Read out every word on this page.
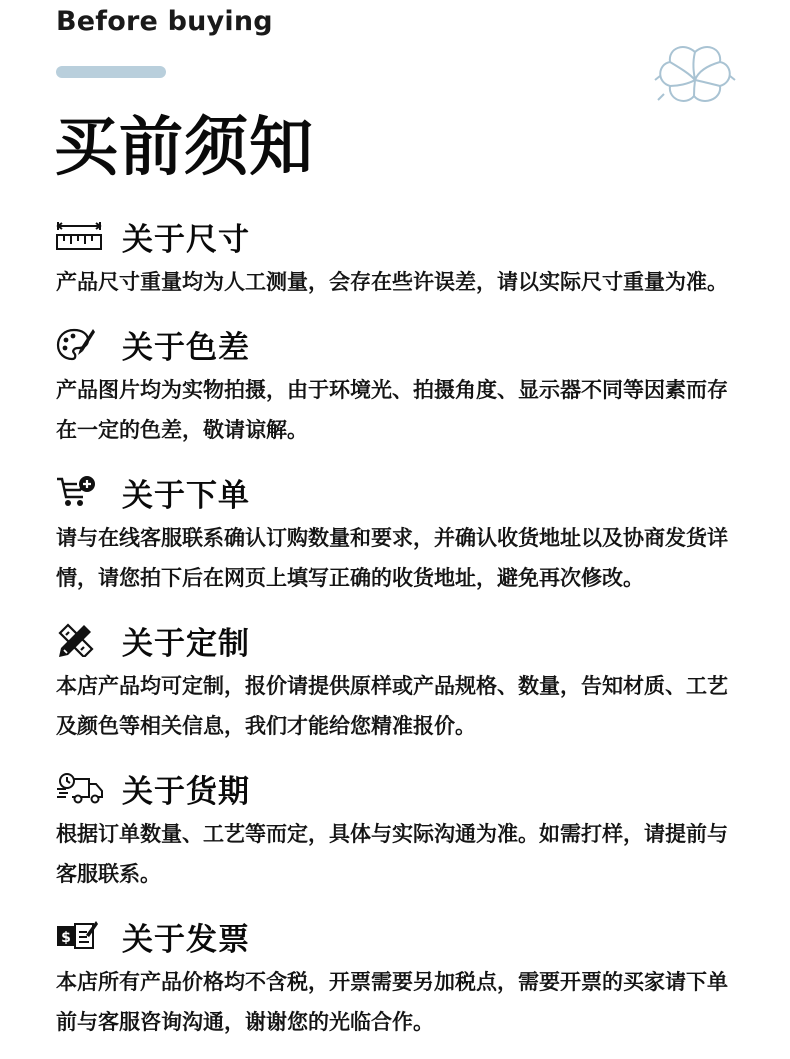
Before buying
买前须知
关于尺寸
产品尺寸重量均为人工测量，会存在些许误差，请以实际尺寸重量为准。
关于色差
产品图片均为实物拍摄，由于环境光、拍摄角度、显示器不同等因素而存在一定的色差，敬请谅解。
关于下单
请与在线客服联系确认订购数量和要求，并确认收货地址以及协商发货详情，请您拍下后在网页上填写正确的收货地址，避免再次修改。
关于定制
本店产品均可定制，报价请提供原样或产品规格、数量，告知材质、工艺及颜色等相关信息，我们才能给您精准报价。
关于货期
根据订单数量、工艺等而定，具体与实际沟通为准。如需打样，请提前与客服联系。
$ 关于发票
本店所有产品价格均不含税，开票需要另加税点，需要开票的买家请下单前与客服咨询沟通，谢谢您的光临合作。
